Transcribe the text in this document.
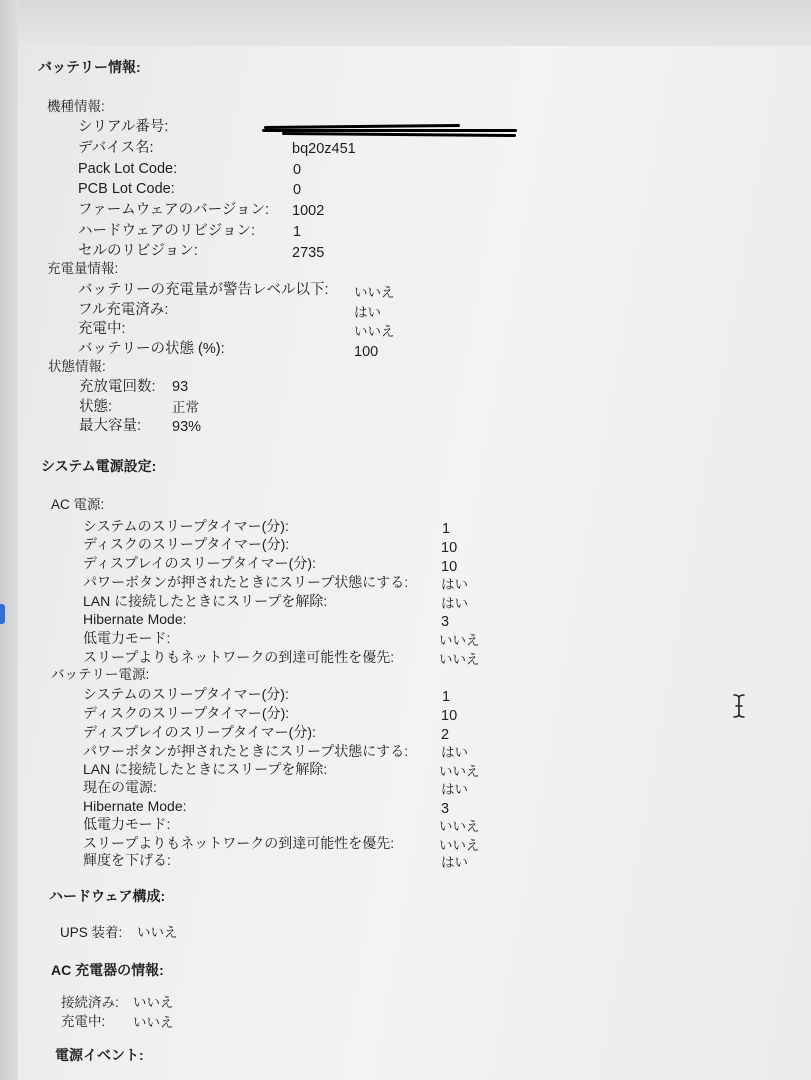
バッテリー情報:
機種情報:
シリアル番号:
デバイス名:	bq20z451
Pack Lot Code:	0
PCB Lot Code:	0
ファームウェアのバージョン: 1002
ハードウェアのリビジョン:	1
セルのリビジョン:	2735
充電量情報:
バッテリーの充電量が警告レベル以下: いいえ
フル充電済み:	はい
充電中:	いいえ
バッテリーの状態 (%):	100
状態情報:
充放電回数: 93
状態:	正常
最大容量: 93%
システム電源設定:
AC 電源:
システムのスリープタイマー(分):	1
ディスクのスリープタイマー(分):	10
ディスプレイのスリープタイマー(分):	10
パワーボタンが押されたときにスリープ状態にする: はい
LAN に接続したときにスリープを解除:	はい
Hibernate Mode:	3
低電力モード:	いいえ
スリープよりもネットワークの到達可能性を優先:	いいえ
バッテリー電源:
システムのスリープタイマー(分):	1
ディスクのスリープタイマー(分):	10
ディスプレイのスリープタイマー(分):	2
パワーボタンが押されたときにスリープ状態にする: はい
LAN に接続したときにスリープを解除:	いいえ
現在の電源:	はい
Hibernate Mode:	3
低電力モード:	いいえ
スリープよりもネットワークの到達可能性を優先:	いいえ
輝度を下げる:	はい
ハードウェア構成:
UPS 装着: いいえ
AC 充電器の情報:
接続済み: いいえ
充電中: いいえ
電源イベント:
